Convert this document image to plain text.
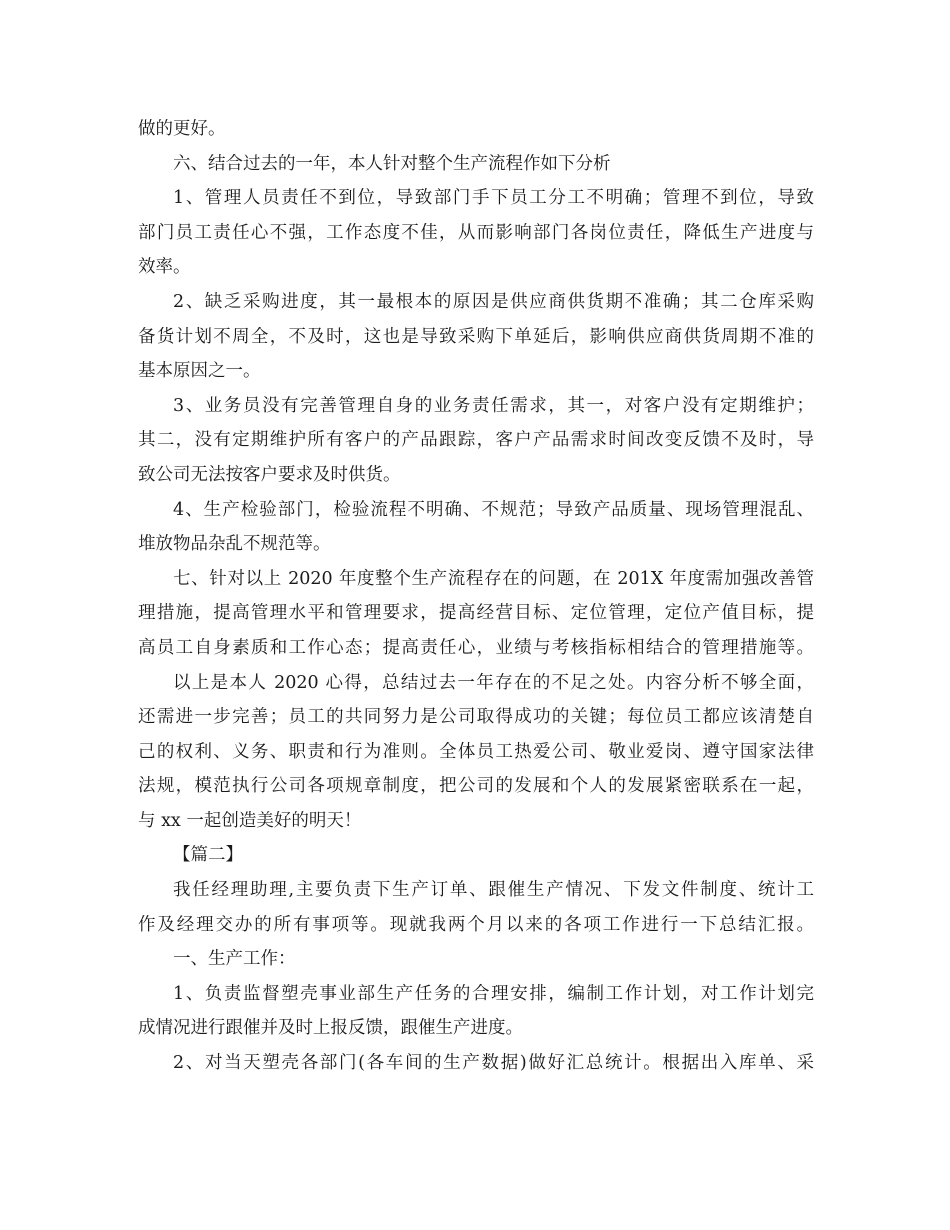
做的更好。
六、结合过去的一年，本人针对整个生产流程作如下分析
1、管理人员责任不到位，导致部门手下员工分工不明确；管理不到位，导致
部门员工责任心不强，工作态度不佳，从而影响部门各岗位责任，降低生产进度与
效率。
2、缺乏采购进度，其一最根本的原因是供应商供货期不准确；其二仓库采购
备货计划不周全，不及时，这也是导致采购下单延后，影响供应商供货周期不准的
基本原因之一。
3、业务员没有完善管理自身的业务责任需求，其一，对客户没有定期维护；
其二，没有定期维护所有客户的产品跟踪，客户产品需求时间改变反馈不及时，导
致公司无法按客户要求及时供货。
4、生产检验部门，检验流程不明确、不规范；导致产品质量、现场管理混乱、
堆放物品杂乱不规范等。
七、针对以上 2020 年度整个生产流程存在的问题，在 201X 年度需加强改善管
理措施，提高管理水平和管理要求，提高经营目标、定位管理，定位产值目标，提
高员工自身素质和工作心态；提高责任心，业绩与考核指标相结合的管理措施等。
以上是本人 2020 心得，总结过去一年存在的不足之处。内容分析不够全面，
还需进一步完善；员工的共同努力是公司取得成功的关键；每位员工都应该清楚自
己的权利、义务、职责和行为准则。全体员工热爱公司、敬业爱岗、遵守国家法律
法规，模范执行公司各项规章制度，把公司的发展和个人的发展紧密联系在一起，
与 xx 一起创造美好的明天！
【篇二】
我任经理助理,主要负责下生产订单、跟催生产情况、下发文件制度、统计工
作及经理交办的所有事项等。现就我两个月以来的各项工作进行一下总结汇报。
一、生产工作：
1、负责监督塑壳事业部生产任务的合理安排，编制工作计划，对工作计划完
成情况进行跟催并及时上报反馈，跟催生产进度。
2、对当天塑壳各部门(各车间的生产数据)做好汇总统计。根据出入库单、采
